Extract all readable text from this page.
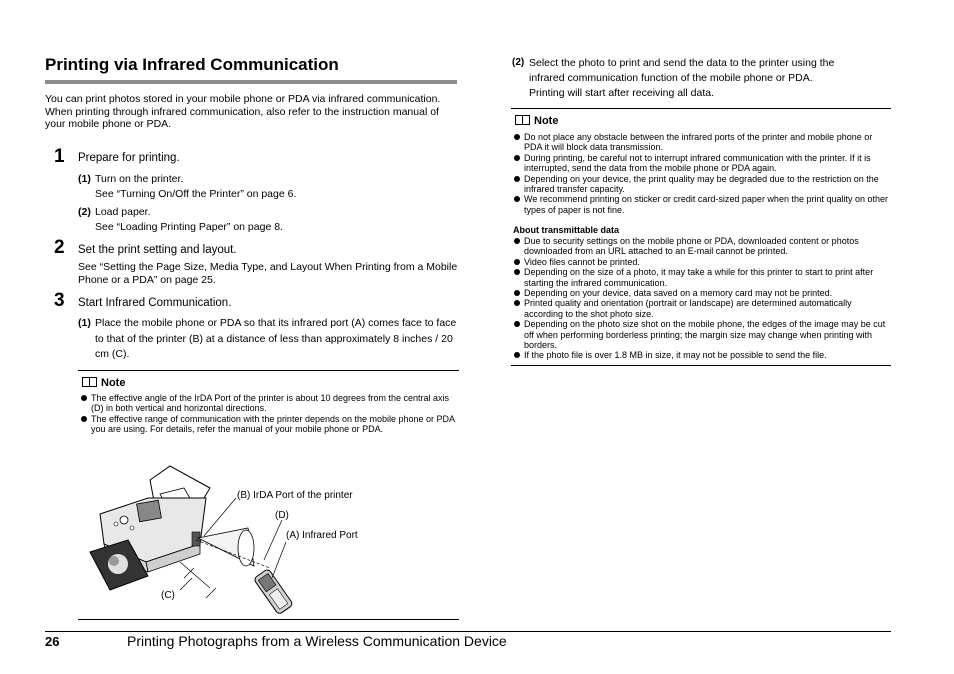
Printing via Infrared Communication
You can print photos stored in your mobile phone or PDA via infrared communication.
When printing through infrared communication, also refer to the instruction manual of your mobile phone or PDA.
1 Prepare for printing.
(1) Turn on the printer.
See “Turning On/Off the Printer” on page 6.
(2) Load paper.
See “Loading Printing Paper” on page 8.
2 Set the print setting and layout.
See “Setting the Page Size, Media Type, and Layout When Printing from a Mobile Phone or a PDA” on page 25.
3 Start Infrared Communication.
(1) Place the mobile phone or PDA so that its infrared port (A) comes face to face to that of the printer (B) at a distance of less than approximately 8 inches / 20 cm (C).
Note
The effective angle of the IrDA Port of the printer is about 10 degrees from the central axis (D) in both vertical and horizontal directions.
The effective range of communication with the printer depends on the mobile phone or PDA you are using. For details, refer the manual of your mobile phone or PDA.
(B) IrDA Port of the printer
(D)
(A) Infrared Port
(C)
(2) Select the photo to print and send the data to the printer using the infrared communication function of the mobile phone or PDA.
Printing will start after receiving all data.
Note
Do not place any obstacle between the infrared ports of the printer and mobile phone or PDA it will block data transmission.
During printing, be careful not to interrupt infrared communication with the printer. If it is interrupted, send the data from the mobile phone or PDA again.
Depending on your device, the print quality may be degraded due to the restriction on the infrared transfer capacity.
We recommend printing on sticker or credit card-sized paper when the print quality on other types of paper is not fine.
About transmittable data
Due to security settings on the mobile phone or PDA, downloaded content or photos downloaded from an URL attached to an E-mail cannot be printed.
Video files cannot be printed.
Depending on the size of a photo, it may take a while for this printer to start to print after starting the infrared communication.
Depending on your device, data saved on a memory card may not be printed.
Printed quality and orientation (portrait or landscape) are determined automatically according to the shot photo size.
Depending on the photo size shot on the mobile phone, the edges of the image may be cut off when performing borderless printing; the margin size may change when printing with borders.
If the photo file is over 1.8 MB in size, it may not be possible to send the file.
26	Printing Photographs from a Wireless Communication Device
